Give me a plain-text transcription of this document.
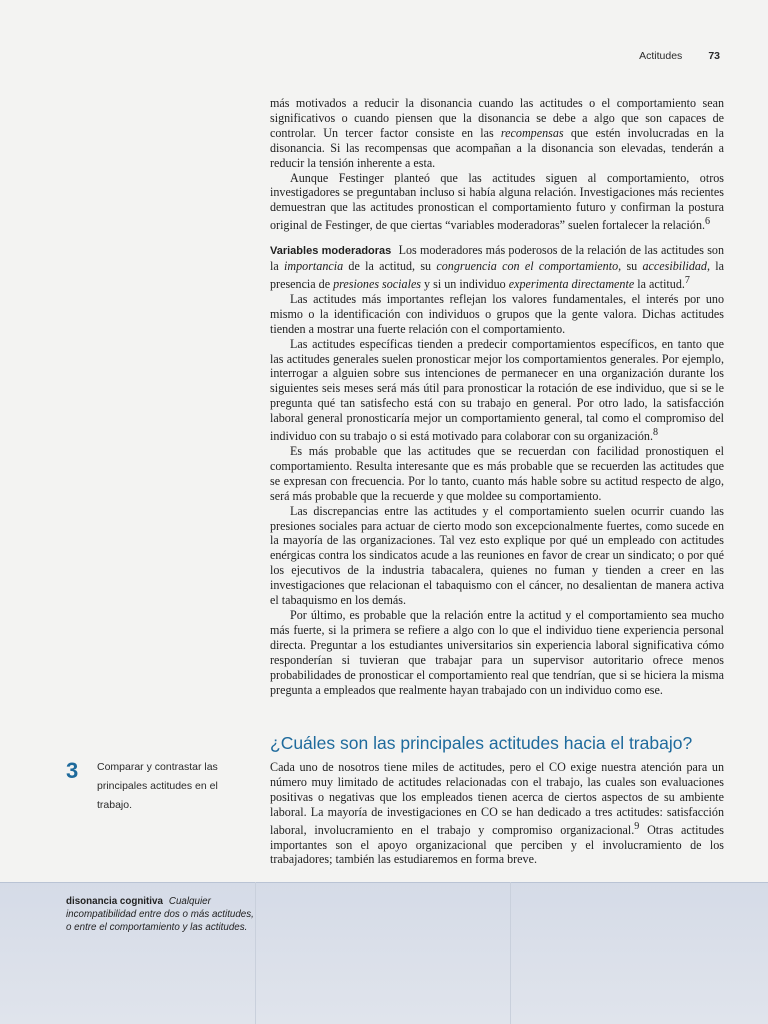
Actitudes 73

más motivados a reducir la disonancia cuando las actitudes o el comportamiento sean significativos o cuando piensen que la disonancia se debe a algo que son capaces de controlar. Un tercer factor consiste en las recompensas que estén involucradas en la disonancia. Si las recompensas que acompañan a la disonancia son elevadas, tenderán a reducir la tensión inherente a esta.

Aunque Festinger planteó que las actitudes siguen al comportamiento, otros investigadores se preguntaban incluso si había alguna relación. Investigaciones más recientes demuestran que las actitudes pronostican el comportamiento futuro y confirman la postura original de Festinger, de que ciertas “variables moderadoras” suelen fortalecer la relación.$^6$

Variables moderadoras Los moderadores más poderosos de la relación de las actitudes son la importancia de la actitud, su congruencia con el comportamiento, su accesibilidad, la presencia de presiones sociales y si un individuo experimenta directamente la actitud.$^7$

Las actitudes más importantes reflejan los valores fundamentales, el interés por uno mismo o la identificación con individuos o grupos que la gente valora. Dichas actitudes tienden a mostrar una fuerte relación con el comportamiento.

Las actitudes específicas tienden a predecir comportamientos específicos, en tanto que las actitudes generales suelen pronosticar mejor los comportamientos generales. Por ejemplo, interrogar a alguien sobre sus intenciones de permanecer en una organización durante los siguientes seis meses será más útil para pronosticar la rotación de ese individuo, que si se le pregunta qué tan satisfecho está con su trabajo en general. Por otro lado, la satisfacción laboral general pronosticaría mejor un comportamiento general, tal como el compromiso del individuo con su trabajo o si está motivado para colaborar con su organización.$^8$

Es más probable que las actitudes que se recuerdan con facilidad pronostiquen el comportamiento. Resulta interesante que es más probable que se recuerden las actitudes que se expresan con frecuencia. Por lo tanto, cuanto más hable sobre su actitud respecto de algo, será más probable que la recuerde y que moldee su comportamiento.

Las discrepancias entre las actitudes y el comportamiento suelen ocurrir cuando las presiones sociales para actuar de cierto modo son excepcionalmente fuertes, como sucede en la mayoría de las organizaciones. Tal vez esto explique por qué un empleado con actitudes enérgicas contra los sindicatos acude a las reuniones en favor de crear un sindicato; o por qué los ejecutivos de la industria tabacalera, quienes no fuman y tienden a creer en las investigaciones que relacionan el tabaquismo con el cáncer, no desalientan de manera activa el tabaquismo en los demás.

Por último, es probable que la relación entre la actitud y el comportamiento sea mucho más fuerte, si la primera se refiere a algo con lo que el individuo tiene experiencia personal directa. Preguntar a los estudiantes universitarios sin experiencia laboral significativa cómo responderían si tuvieran que trabajar para un supervisor autoritario ofrece menos probabilidades de pronosticar el comportamiento real que tendrían, que si se hiciera la misma pregunta a empleados que realmente hayan trabajado con un individuo como ese.

3 Comparar y contrastar las principales actitudes en el trabajo.
¿Cuáles son las principales actitudes hacia el trabajo?

Cada uno de nosotros tiene miles de actitudes, pero el CO exige nuestra atención para un número muy limitado de actitudes relacionadas con el trabajo, las cuales son evaluaciones positivas o negativas que los empleados tienen acerca de ciertos aspectos de su ambiente laboral. La mayoría de investigaciones en CO se han dedicado a tres actitudes: satisfacción laboral, involucramiento en el trabajo y compromiso organizacional.$^9$ Otras actitudes importantes son el apoyo organizacional que perciben y el involucramiento de los trabajadores; también las estudiaremos en forma breve.

disonancia cognitiva Cualquier incompatibilidad entre dos o más actitudes, o entre el comportamiento y las actitudes.
